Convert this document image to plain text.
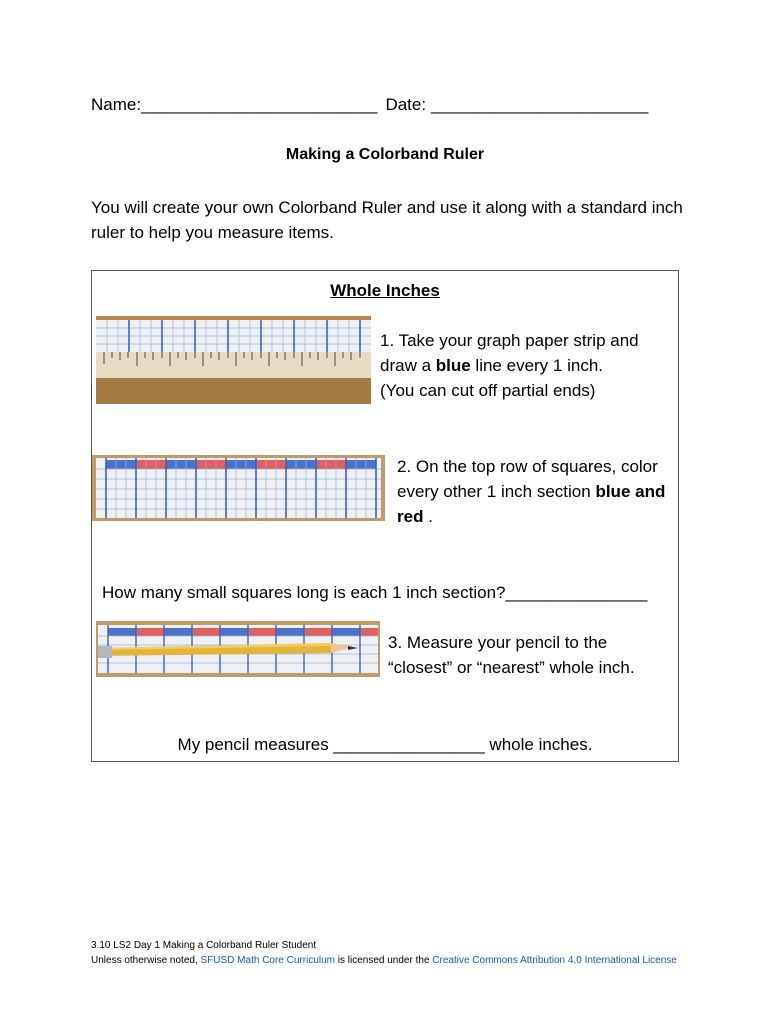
Name:_________________________ Date: _______________________
Making a Colorband Ruler
You will create your own Colorband Ruler and use it along with a standard inch ruler to help you measure items.
Whole Inches
1. Take your graph paper strip and draw a blue line every 1 inch.
(You can cut off partial ends)
2. On the top row of squares, color every other 1 inch section blue and red .
How many small squares long is each 1 inch section?_______________
3. Measure your pencil to the
“closest” or “nearest” whole inch.
My pencil measures ________________ whole inches.
3.10 LS2 Day 1 Making a Colorband Ruler Student
Unless otherwise noted, SFUSD Math Core Curriculum is licensed under the Creative Commons Attribution 4.0 International License
